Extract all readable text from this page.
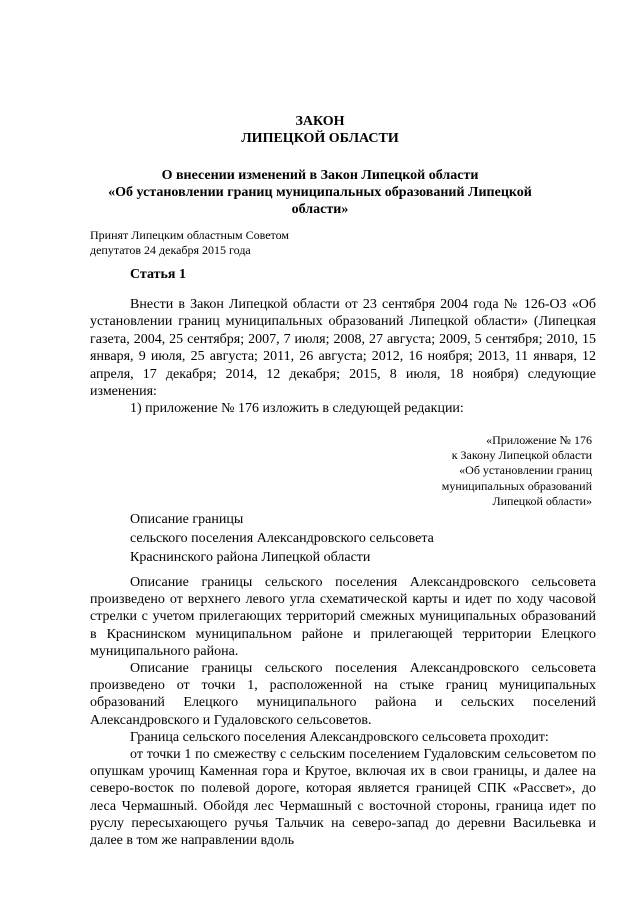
ЗАКОН
ЛИПЕЦКОЙ ОБЛАСТИ
О внесении изменений в Закон Липецкой области
«Об установлении границ муниципальных образований Липецкой
области»
Принят Липецким областным Советом
депутатов 24 декабря 2015 года
Статья 1

Внести в Закон Липецкой области от 23 сентября 2004 года № 126-ОЗ «Об установлении границ муниципальных образований Липецкой области» (Липецкая газета, 2004, 25 сентября; 2007, 7 июля; 2008, 27 августа; 2009, 5 сентября; 2010, 15 января, 9 июля, 25 августа; 2011, 26 августа; 2012, 16 ноября; 2013, 11 января, 12 апреля, 17 декабря; 2014, 12 декабря; 2015, 8 июля, 18 ноября) следующие изменения:

1) приложение № 176 изложить в следующей редакции:

«Приложение № 176
к Закону Липецкой области
«Об установлении границ
муниципальных образований
Липецкой области»
Описание границы
сельского поселения Александровского сельсовета
Краснинского района Липецкой области

Описание границы сельского поселения Александровского сельсовета произведено от верхнего левого угла схематической карты и идет по ходу часовой стрелки с учетом прилегающих территорий смежных муниципальных образований в Краснинском муниципальном районе и прилегающей территории Елецкого муниципального района.

Описание границы сельского поселения Александровского сельсовета произведено от точки 1, расположенной на стыке границ муниципальных образований Елецкого муниципального района и сельских поселений Александровского и Гудаловского сельсоветов.

Граница сельского поселения Александровского сельсовета проходит:

от точки 1 по смежеству с сельским поселением Гудаловским сельсоветом по опушкам урочищ Каменная гора и Крутое, включая их в свои границы, и далее на северо-восток по полевой дороге, которая является границей СПК «Рассвет», до леса Чермашный. Обойдя лес Чермашный с восточной стороны, граница идет по руслу пересыхающего ручья Тальчик на северо-запад до деревни Васильевка и далее в том же направлении вдоль
